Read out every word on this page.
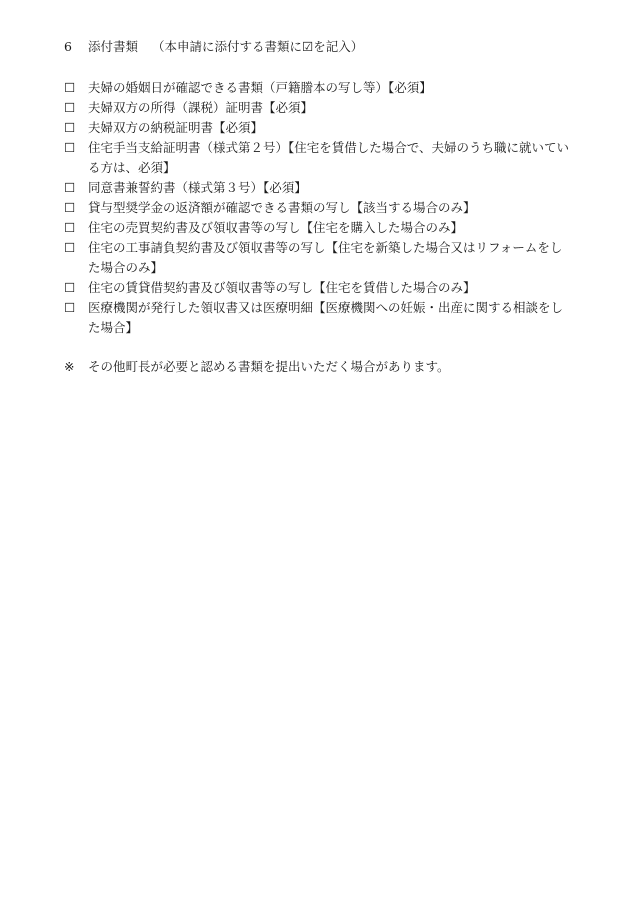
6 添付書類 （本申請に添付する書類に☑を記入）
☐	夫婦の婚姻日が確認できる書類（戸籍謄本の写し等）【必須】
☐	夫婦双方の所得（課税）証明書【必須】
☐	夫婦双方の納税証明書【必須】
☐	住宅手当支給証明書（様式第２号）【住宅を賃借した場合で、夫婦のうち職に就いている方は、必須】
☐	同意書兼誓約書（様式第３号）【必須】
☐	貸与型奨学金の返済額が確認できる書類の写し【該当する場合のみ】
☐	住宅の売買契約書及び領収書等の写し【住宅を購入した場合のみ】
☐	住宅の工事請負契約書及び領収書等の写し【住宅を新築した場合又はリフォームをした場合のみ】
☐	住宅の賃貸借契約書及び領収書等の写し【住宅を賃借した場合のみ】
☐	医療機関が発行した領収書又は医療明細【医療機関への妊娠・出産に関する相談をした場合】
※	その他町長が必要と認める書類を提出いただく場合があります。
